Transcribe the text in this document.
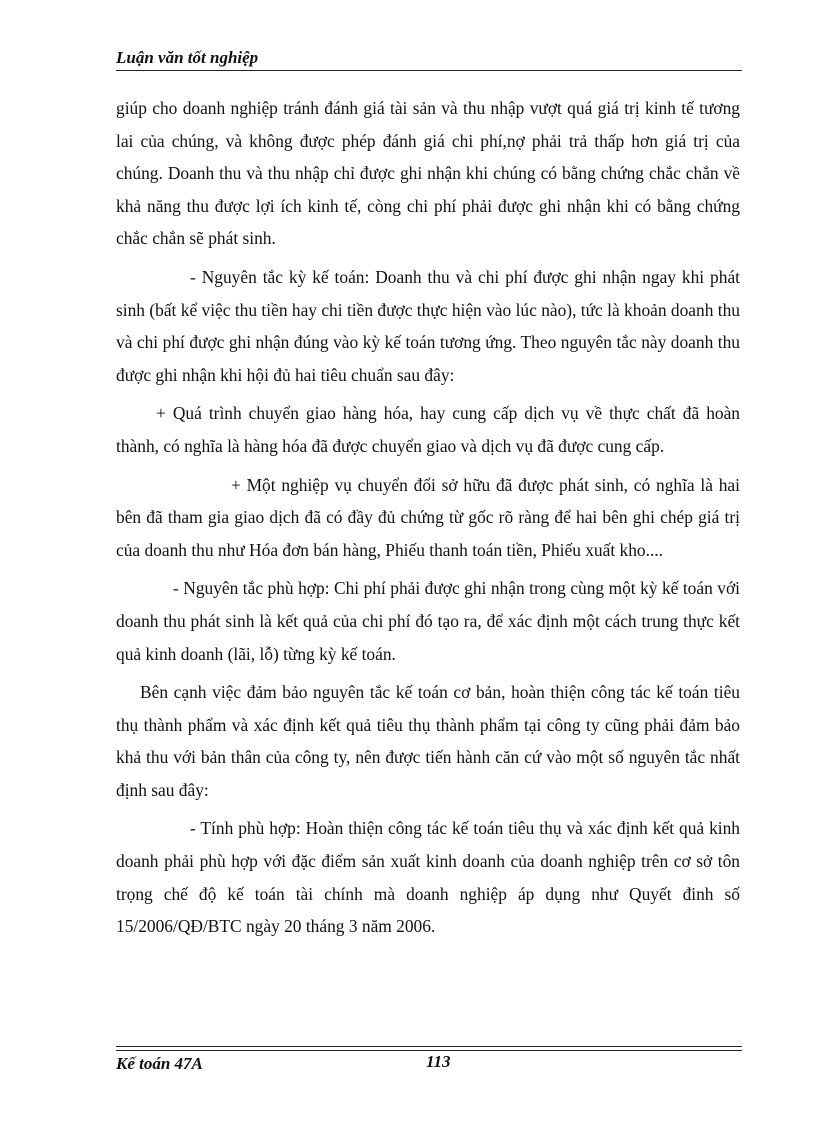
Luận văn tốt nghiệp

giúp cho doanh nghiệp tránh đánh giá tài sản và thu nhập vượt quá giá trị kinh tế tương lai của chúng, và không được phép đánh giá chi phí,nợ phải trả thấp hơn giá trị của chúng. Doanh thu và thu nhập chỉ được ghi nhận khi chúng có bằng chứng chắc chắn về khả năng thu được lợi ích kinh tế, còng chi phí phải được ghi nhận khi có bằng chứng chắc chắn sẽ phát sinh.

- Nguyên tắc kỳ kế toán: Doanh thu và chi phí được ghi nhận ngay khi phát sinh (bất kể việc thu tiền hay chi tiền được thực hiện vào lúc nào), tức là khoản doanh thu và chi phí được ghi nhận đúng vào kỳ kế toán tương ứng. Theo nguyên tắc này doanh thu được ghi nhận khi hội đủ hai tiêu chuẩn sau đây:

+ Quá trình chuyển giao hàng hóa, hay cung cấp dịch vụ về thực chất đã hoàn thành, có nghĩa là hàng hóa đã được chuyển giao và dịch vụ đã được cung cấp.

+ Một nghiệp vụ chuyển đổi sở hữu đã được phát sinh, có nghĩa là hai bên đã tham gia giao dịch đã có đầy đủ chứng từ gốc rõ ràng để hai bên ghi chép giá trị của doanh thu như Hóa đơn bán hàng, Phiếu thanh toán tiền, Phiếu xuất kho....

- Nguyên tắc phù hợp: Chi phí phải được ghi nhận trong cùng một kỳ kế toán với doanh thu phát sinh là kết quả của chi phí đó tạo ra, để xác định một cách trung thực kết quả kinh doanh (lãi, lỗ) từng kỳ kế toán.

Bên cạnh việc đảm bảo nguyên tắc kế toán cơ bản, hoàn thiện công tác kế toán tiêu thụ thành phẩm và xác định kết quả tiêu thụ thành phẩm tại công ty cũng phải đảm bảo khả thu với bản thân của công ty, nên được tiến hành căn cứ vào một số nguyên tắc nhất định sau đây:

- Tính phù hợp: Hoàn thiện công tác kế toán tiêu thụ và xác định kết quả kinh doanh phải phù hợp với đặc điểm sản xuất kinh doanh của doanh nghiệp trên cơ sở tôn trọng chế độ kế toán tài chính mà doanh nghiệp áp dụng như Quyết đinh số 15/2006/QĐ/BTC ngày 20 tháng 3 năm 2006.

Kế toán 47A	113
